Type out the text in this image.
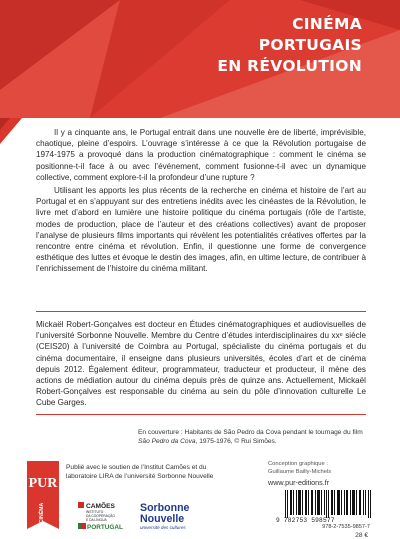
CINÉMA
PORTUGAIS
EN RÉVOLUTION

Il y a cinquante ans, le Portugal entrait dans une nouvelle ère de liberté, imprévisible, chaotique, pleine d’espoirs. L’ouvrage s’intéresse à ce que la Révolution portugaise de 1974-1975 a provoqué dans la production cinématographique : comment le cinéma se positionne-t-il face à ou avec l’événement, comment fusionne-t-il avec un dynamique collective, comment explore-t-il la profondeur d’une rupture ?

Utilisant les apports les plus récents de la recherche en cinéma et histoire de l’art au Portugal et en s’appuyant sur des entretiens inédits avec les cinéastes de la Révolution, le livre met d’abord en lumière une histoire politique du cinéma portugais (rôle de l’artiste, modes de production, place de l’auteur et des créations collectives) avant de proposer l’analyse de plusieurs films importants qui révèlent les potentialités créatives offertes par la rencontre entre cinéma et révolution. Enfin, il questionne une forme de convergence esthétique des luttes et évoque le destin des images, afin, en ultime lecture, de contribuer à l’enrichissement de l’histoire du cinéma militant.

Mickaël Robert-Gonçalves est docteur en Études cinématographiques et audiovisuelles de l’université Sorbonne Nouvelle. Membre du Centre d’études interdisciplinaires du xxᵉ siècle (CEIS20) à l’université de Coimbra au Portugal, spécialiste du cinéma portugais et du cinéma documentaire, il enseigne dans plusieurs universités, écoles d’art et de cinéma depuis 2012. Également éditeur, programmateur, traducteur et producteur, il mène des actions de médiation autour du cinéma depuis près de quinze ans. Actuellement, Mickaël Robert-Gonçalves est responsable du cinéma au sein du pôle d’innovation culturelle Le Cube Garges.
En couverture : Habitants de São Pedro da Cova pendant le tournage du film São Pedro da Cova, 1975-1976, © Rui Simões.
PUR
CINÉMA
Publié avec le soutien de l’Institut Camões et du laboratoire LIRA de l’université Sorbonne Nouvelle
CAMÕES
INSTITUTO
DA COOPERAÇÃO
E DA LÍNGUA
PORTUGAL
Sorbonne
Nouvelle
université des cultures
Conception graphique :
Guillaume Bailly-Michels
www.pur-editions.fr
9 782753 598577
978-2-7535-9857-7
28 €
